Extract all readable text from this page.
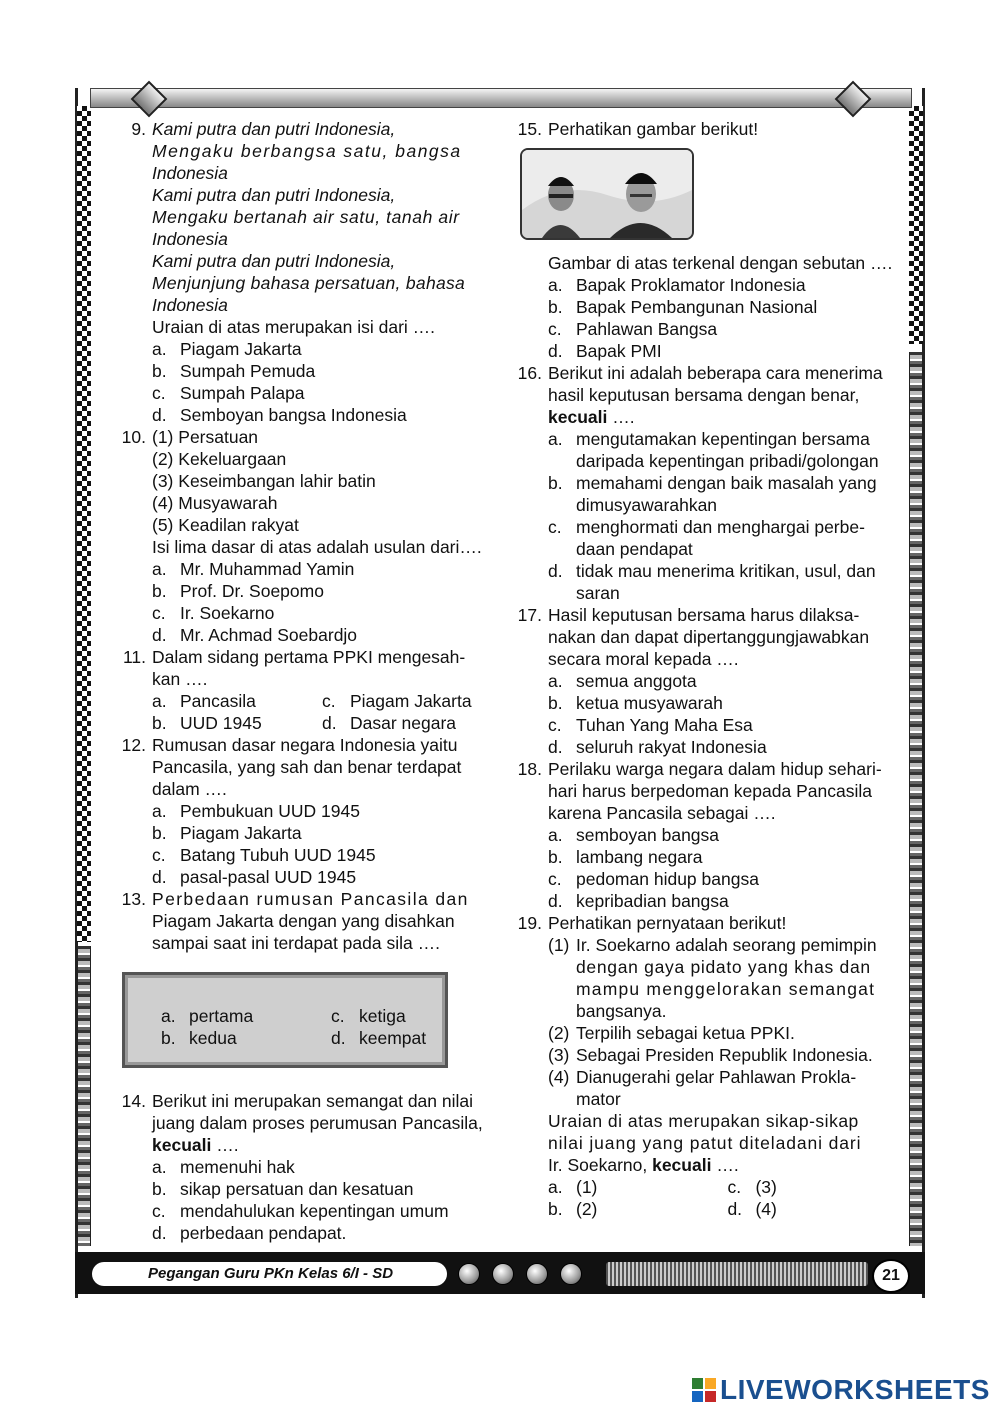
9. Kami putra dan putri Indonesia,
Mengaku berbangsa satu, bangsa
Indonesia
Kami putra dan putri Indonesia,
Mengaku bertanah air satu, tanah air
Indonesia
Kami putra dan putri Indonesia,
Menjunjung bahasa persatuan, bahasa
Indonesia
Uraian di atas merupakan isi dari ….
a. Piagam Jakarta
b. Sumpah Pemuda
c. Sumpah Palapa
d. Semboyan bangsa Indonesia
10. (1) Persatuan
(2) Kekeluargaan
(3) Keseimbangan lahir batin
(4) Musyawarah
(5) Keadilan rakyat
Isi lima dasar di atas adalah usulan dari….
a. Mr. Muhammad Yamin
b. Prof. Dr. Soepomo
c. Ir. Soekarno
d. Mr. Achmad Soebardjo
11. Dalam sidang pertama PPKI mengesah-
kan ….
a. Pancasila	c. Piagam Jakarta
b. UUD 1945	d. Dasar negara
12. Rumusan dasar negara Indonesia yaitu
Pancasila, yang sah dan benar terdapat
dalam ….
a. Pembukuan UUD 1945
b. Piagam Jakarta
c. Batang Tubuh UUD 1945
d. pasal-pasal UUD 1945
13. Perbedaan rumusan Pancasila dan
Piagam Jakarta dengan yang disahkan
sampai saat ini terdapat pada sila ….
a. pertama	c. ketiga
b. kedua	d. keempat
14. Berikut ini merupakan semangat dan nilai
juang dalam proses perumusan Pancasila,
kecuali ….
a. memenuhi hak
b. sikap persatuan dan kesatuan
c. mendahulukan kepentingan umum
d. perbedaan pendapat.
15. Perhatikan gambar berikut!
Gambar di atas terkenal dengan sebutan ….
a. Bapak Proklamator Indonesia
b. Bapak Pembangunan Nasional
c. Pahlawan Bangsa
d. Bapak PMI
16. Berikut ini adalah beberapa cara menerima
hasil keputusan bersama dengan benar,
kecuali ….
a. mengutamakan kepentingan bersama
daripada kepentingan pribadi/golongan
b. memahami dengan baik masalah yang
dimusyawarahkan
c. menghormati dan menghargai perbe-
daan pendapat
d. tidak mau menerima kritikan, usul, dan
saran
17. Hasil keputusan bersama harus dilaksa-
nakan dan dapat dipertanggungjawabkan
secara moral kepada ….
a. semua anggota
b. ketua musyawarah
c. Tuhan Yang Maha Esa
d. seluruh rakyat Indonesia
18. Perilaku warga negara dalam hidup sehari-
hari harus berpedoman kepada Pancasila
karena Pancasila sebagai ….
a. semboyan bangsa
b. lambang negara
c. pedoman hidup bangsa
d. kepribadian bangsa
19. Perhatikan pernyataan berikut!
(1) Ir. Soekarno adalah seorang pemimpin
dengan gaya pidato yang khas dan
mampu menggelorakan semangat
bangsanya.
(2) Terpilih sebagai ketua PPKI.
(3) Sebagai Presiden Republik Indonesia.
(4) Dianugerahi gelar Pahlawan Prokla-
mator
Uraian di atas merupakan sikap-sikap
nilai juang yang patut diteladani dari
Ir. Soekarno, kecuali ….
a. (1)	c. (3)
b. (2)	d. (4)
Pegangan Guru PKn Kelas 6/I - SD	21
LIVEWORKSHEETS
